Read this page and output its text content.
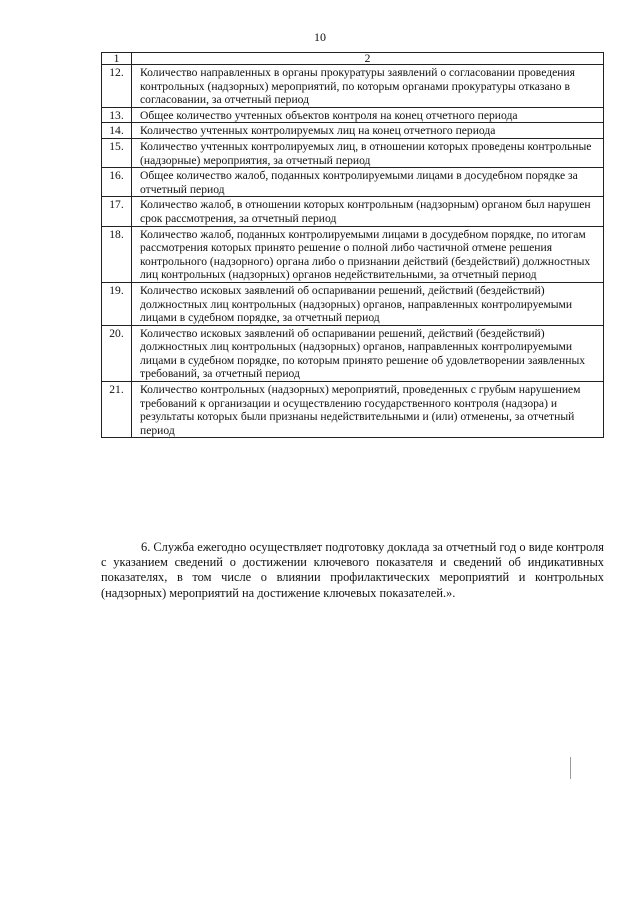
10
1	2
12.	Количество направленных в органы прокуратуры заявлений о согласовании проведения контрольных (надзорных) мероприятий, по которым органами прокуратуры отказано в согласовании, за отчетный период
13.	Общее количество учтенных объектов контроля на конец отчетного периода
14.	Количество учтенных контролируемых лиц на конец отчетного периода
15.	Количество учтенных контролируемых лиц, в отношении которых проведены контрольные (надзорные) мероприятия, за отчетный период
16.	Общее количество жалоб, поданных контролируемыми лицами в досудебном порядке за отчетный период
17.	Количество жалоб, в отношении которых контрольным (надзорным) органом был нарушен срок рассмотрения, за отчетный период
18.	Количество жалоб, поданных контролируемыми лицами в досудебном порядке, по итогам рассмотрения которых принято решение о полной либо частичной отмене решения контрольного (надзорного) органа либо о признании действий (бездействий) должностных лиц контрольных (надзорных) органов недействительными, за отчетный период
19.	Количество исковых заявлений об оспаривании решений, действий (бездействий) должностных лиц контрольных (надзорных) органов, направленных контролируемыми лицами в судебном порядке, за отчетный период
20.	Количество исковых заявлений об оспаривании решений, действий (бездействий) должностных лиц контрольных (надзорных) органов, направленных контролируемыми лицами в судебном порядке, по которым принято решение об удовлетворении заявленных требований, за отчетный период
21.	Количество контрольных (надзорных) мероприятий, проведенных с грубым нарушением требований к организации и осуществлению государственного контроля (надзора) и результаты которых были признаны недействительными и (или) отменены, за отчетный период

6. Служба ежегодно осуществляет подготовку доклада за отчетный год о виде контроля с указанием сведений о достижении ключевого показателя и сведений об индикативных показателях, в том числе о влиянии профилактических мероприятий и контрольных (надзорных) мероприятий на достижение ключевых показателей.».
